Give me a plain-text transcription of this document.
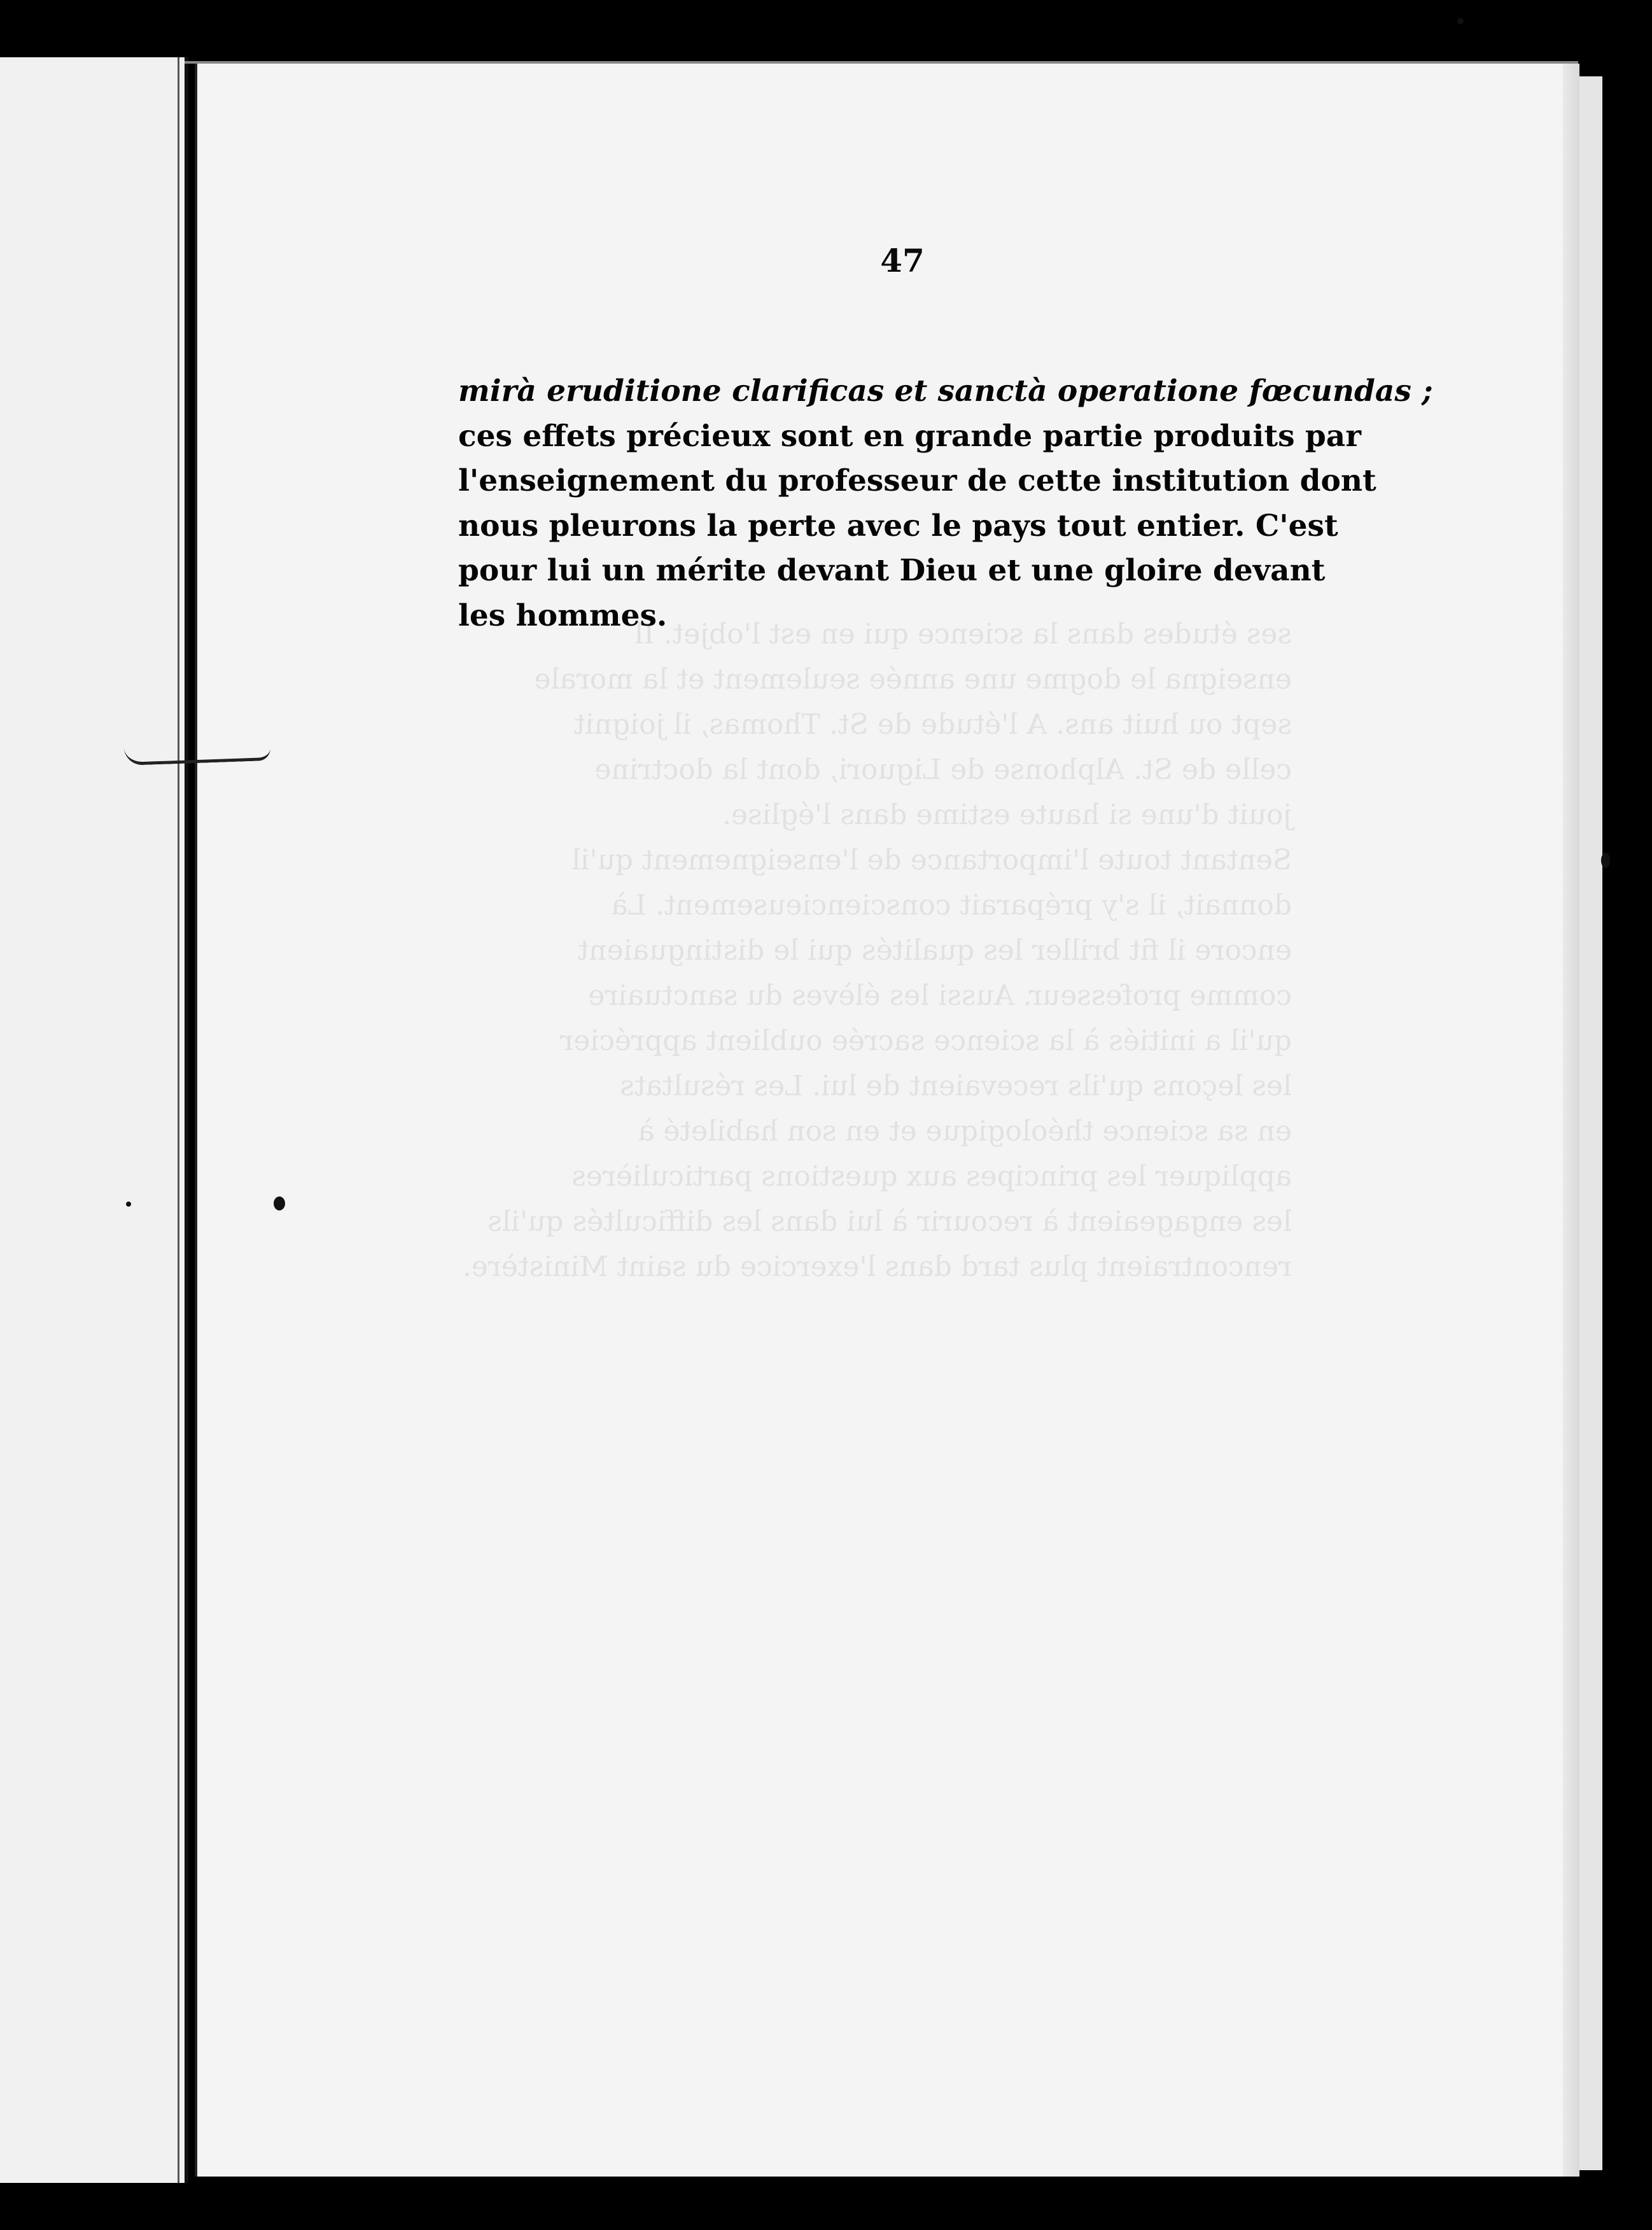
ses études dans la science qui en est l'objet. Il
enseigna le dogme une année seulement et la morale
sept ou huit ans. A l'étude de St. Thomas, il joignit
celle de St. Alphonse de Liguori, dont la doctrine
jouit d'une si haute estime dans l'église.
Sentant toute l'importance de l'enseignement qu'il
donnait, il s'y préparait consciencieusement. Là
encore il fit briller les qualités qui le distinguaient
comme professeur. Aussi les élèves du sanctuaire
qu'il a initiés à la science sacrée oublient apprécier
les leçons qu'ils recevaient de lui. Les résultats
en sa science théologique et en son habileté à
appliquer les principes aux questions particulières
les engageaient à recourir à lui dans les difficultés qu'ils
rencontraient plus tard dans l'exercice du saint Ministère.

47
mirà eruditione clarificas et sanctà operatione fœcundas ;
ces effets précieux sont en grande partie produits par
l'enseignement du professeur de cette institution dont
nous pleurons la perte avec le pays tout entier. C'est
pour lui un mérite devant Dieu et une gloire devant
les hommes.
